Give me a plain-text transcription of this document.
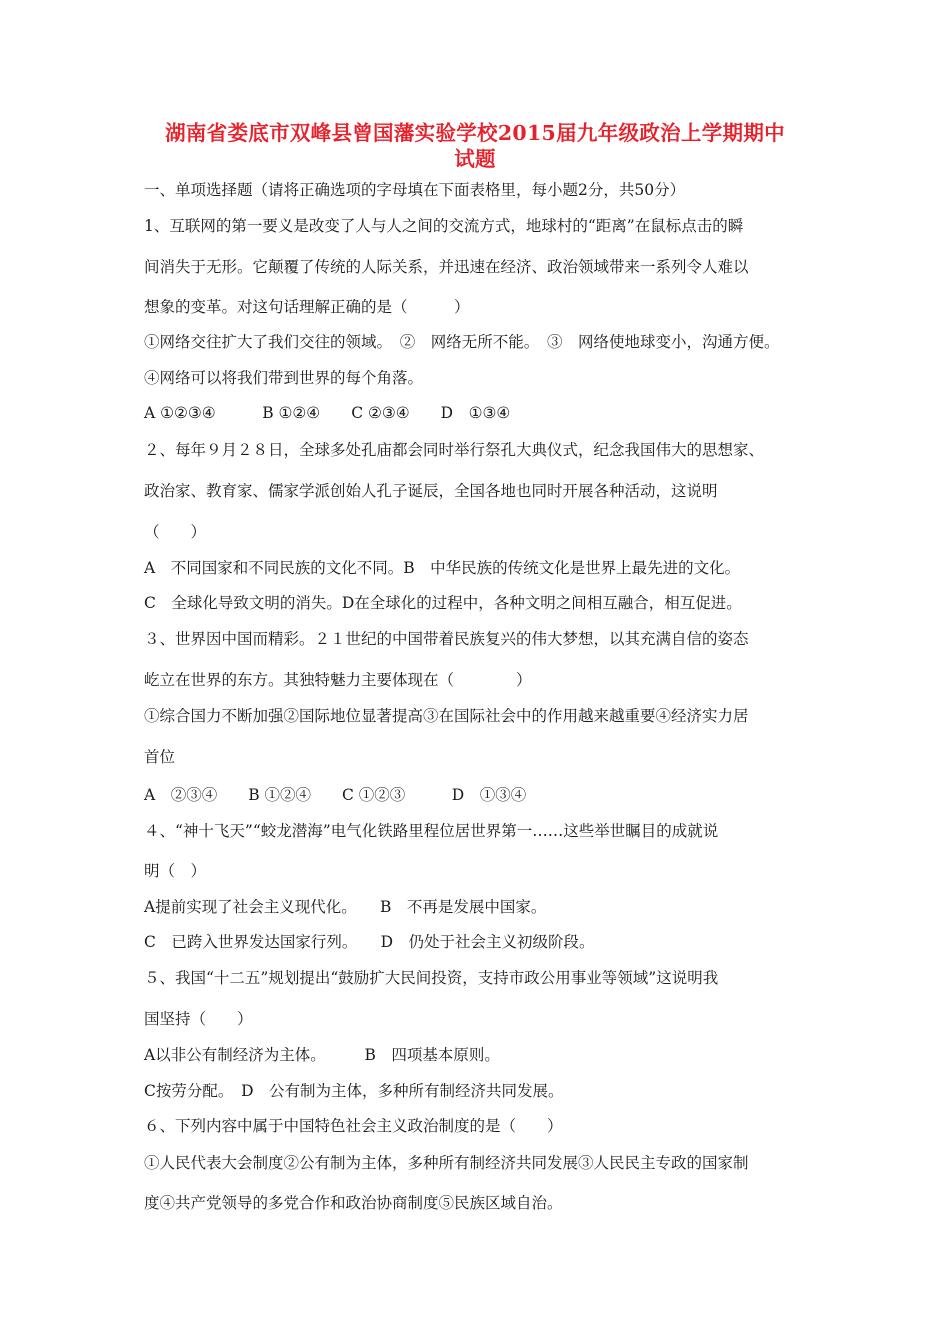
湖南省娄底市双峰县曾国藩实验学校2015届九年级政治上学期期中
试题
一、单项选择题（请将正确选项的字母填在下面表格里，每小题2分，共50分）
1、互联网的第一要义是改变了人与人之间的交流方式，地球村的“距离”在鼠标点击的瞬
间消失于无形。它颠覆了传统的人际关系，并迅速在经济、政治领域带来一系列令人难以
想象的变革。对这句话理解正确的是（　　　）
①网络交往扩大了我们交往的领域。　②　网络无所不能。　③　网络使地球变小，沟通方便。
④网络可以将我们带到世界的每个角落。
A ①②③④　　　B ①②④　　C ②③④　　D　①③④
２、每年９月２８日，全球多处孔庙都会同时举行祭孔大典仪式，纪念我国伟大的思想家、
政治家、教育家、儒家学派创始人孔子诞辰，全国各地也同时开展各种活动，这说明
（　　）
A　不同国家和不同民族的文化不同。B　中华民族的传统文化是世界上最先进的文化。
C　全球化导致文明的消失。D在全球化的过程中，各种文明之间相互融合，相互促进。
３、世界因中国而精彩。２１世纪的中国带着民族复兴的伟大梦想，以其充满自信的姿态
屹立在世界的东方。其独特魅力主要体现在（　　　　）
①综合国力不断加强②国际地位显著提高③在国际社会中的作用越来越重要④经济实力居
首位
A　②③④　　B ①②④　　C ①②③　　　D　①③④
４、“神十飞天”“蛟龙潜海”电气化铁路里程位居世界第一……这些举世瞩目的成就说
明（　）
A提前实现了社会主义现代化。　　B　不再是发展中国家。
C　已跨入世界发达国家行列。　　D　仍处于社会主义初级阶段。
５、我国“十二五”规划提出“鼓励扩大民间投资，支持市政公用事业等领域”这说明我
国坚持（　　）
A以非公有制经济为主体。　　　B　四项基本原则。
C按劳分配。　D　公有制为主体，多种所有制经济共同发展。
６、下列内容中属于中国特色社会主义政治制度的是（　　）
①人民代表大会制度②公有制为主体，多种所有制经济共同发展③人民民主专政的国家制
度④共产党领导的多党合作和政治协商制度⑤民族区域自治。
